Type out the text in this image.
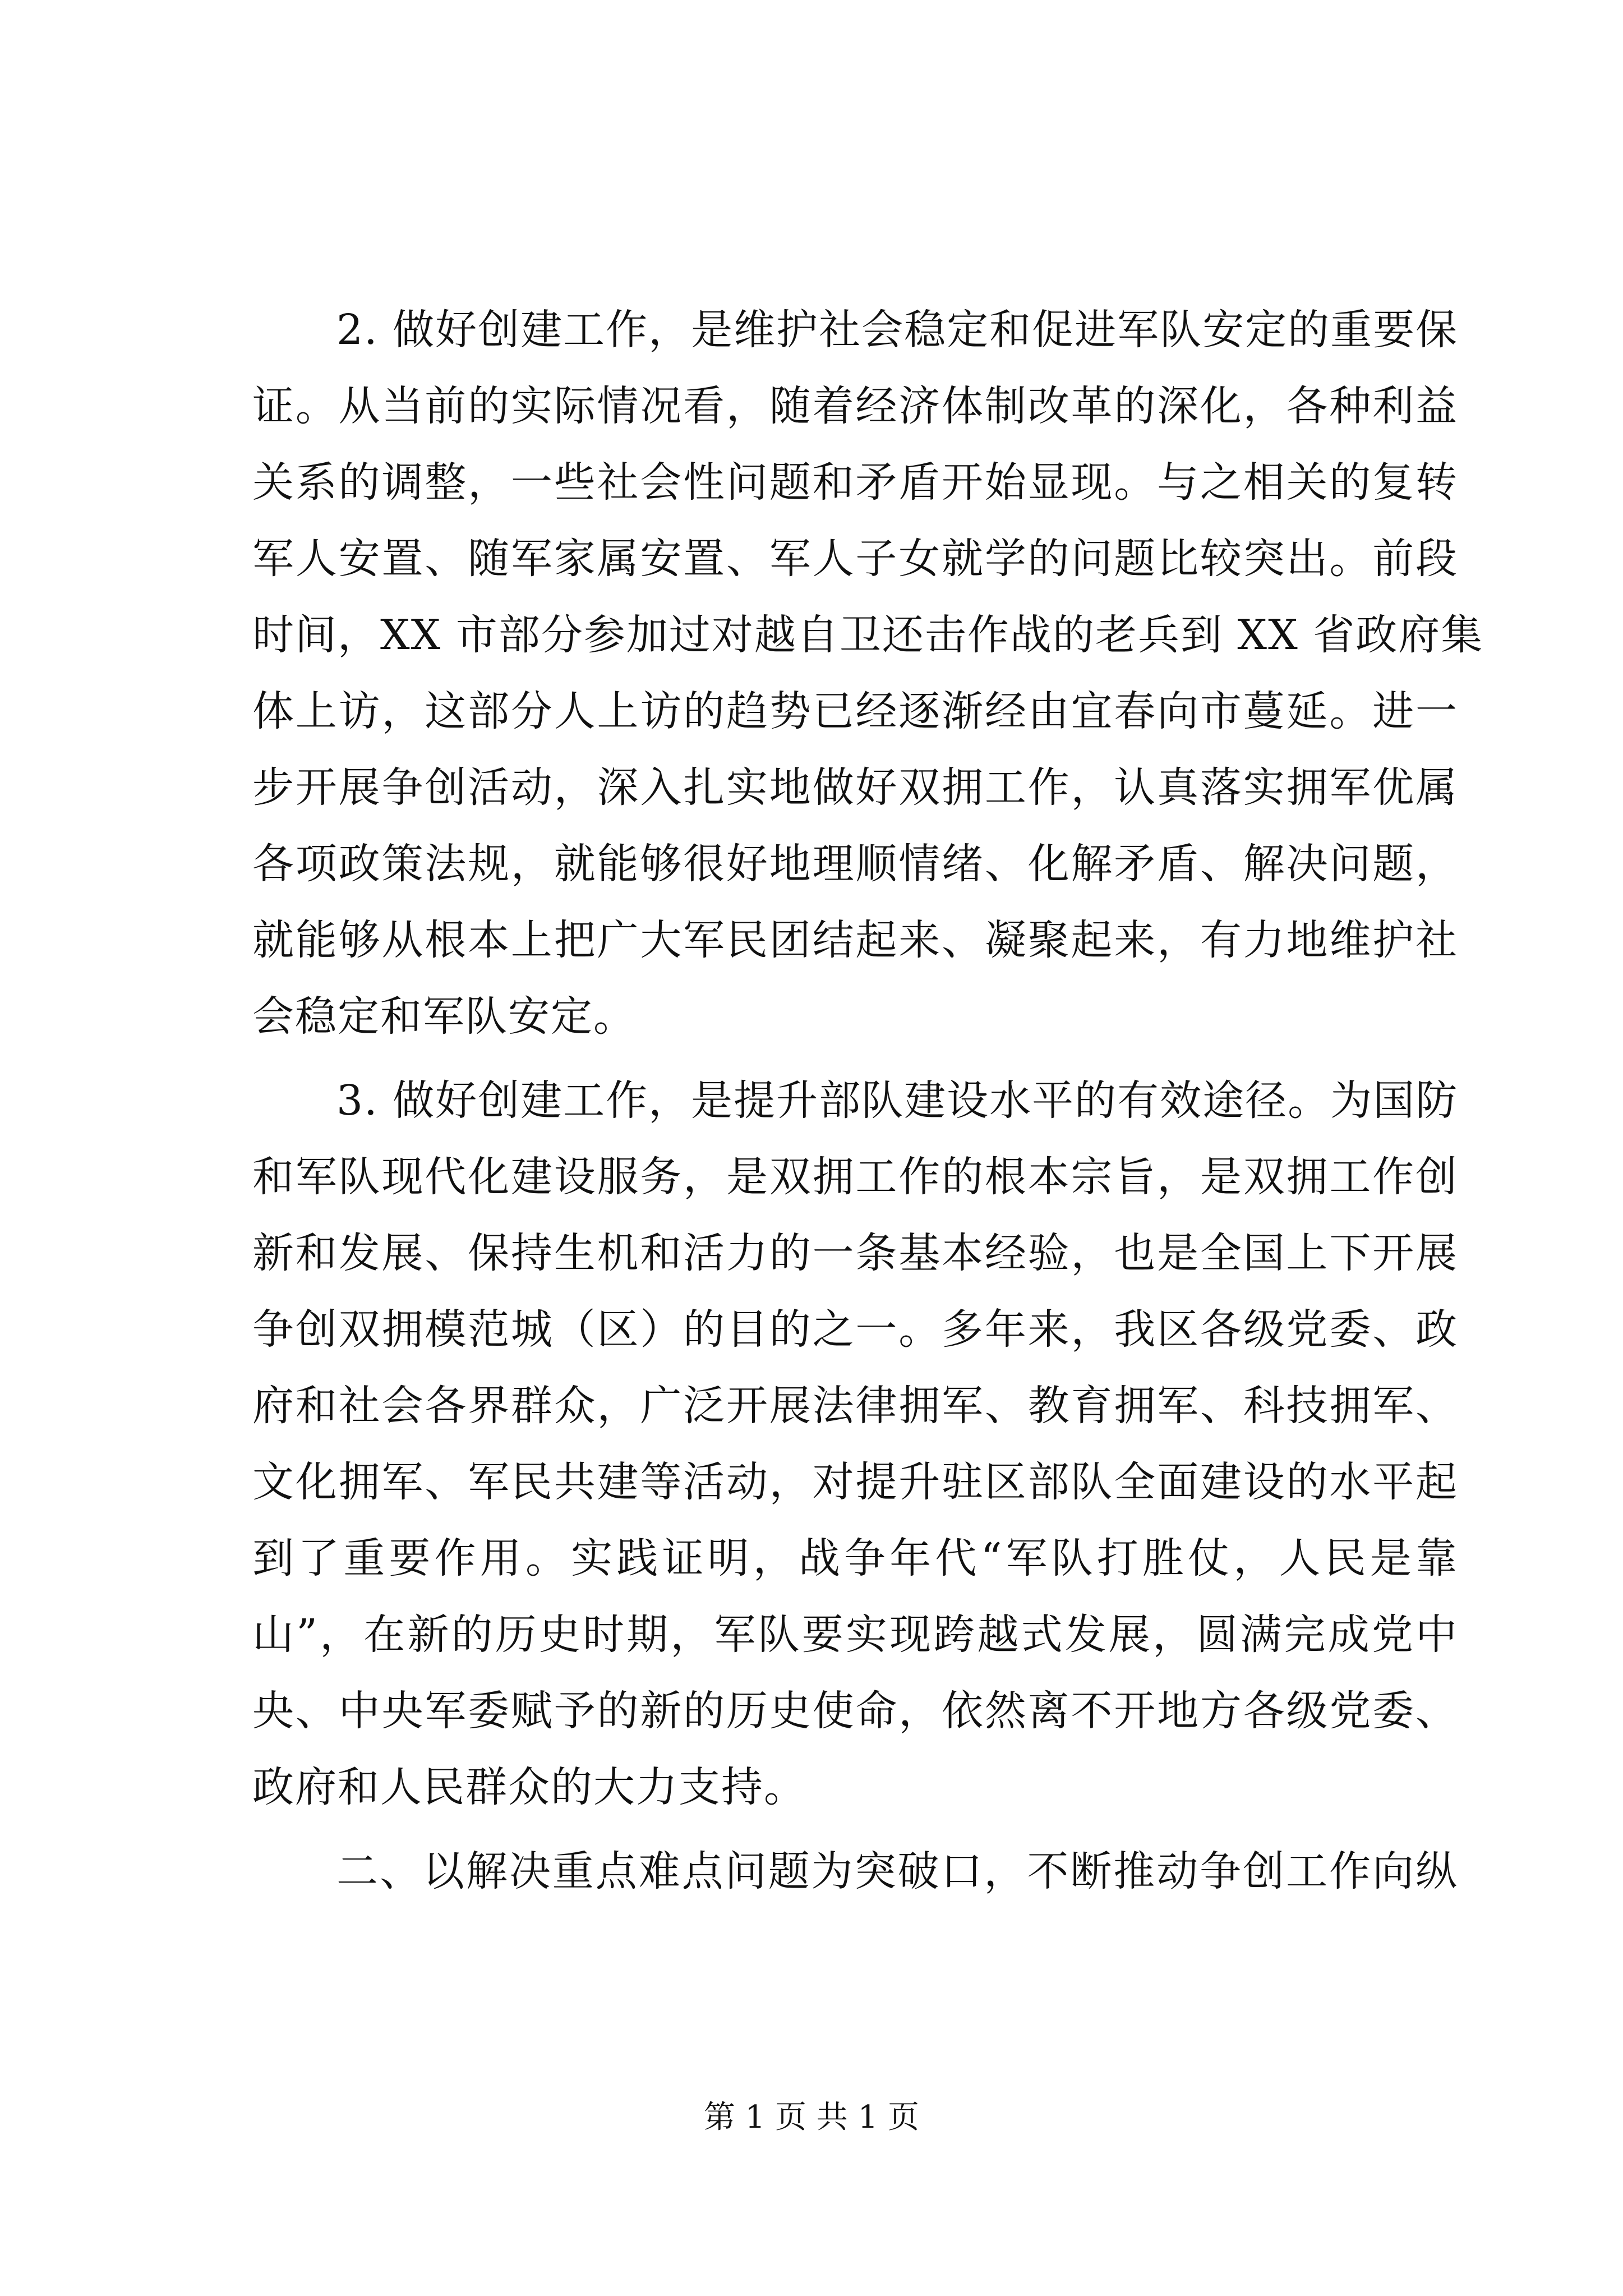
2. 做好创建工作，是维护社会稳定和促进军队安定的重要保
证。从当前的实际情况看，随着经济体制改革的深化，各种利益
关系的调整，一些社会性问题和矛盾开始显现。与之相关的复转
军人安置、随军家属安置、军人子女就学的问题比较突出。前段
时间，XX 市部分参加过对越自卫还击作战的老兵到 XX 省政府集
体上访，这部分人上访的趋势已经逐渐经由宜春向市蔓延。进一
步开展争创活动，深入扎实地做好双拥工作，认真落实拥军优属
各项政策法规，就能够很好地理顺情绪、化解矛盾、解决问题，
就能够从根本上把广大军民团结起来、凝聚起来，有力地维护社
会稳定和军队安定。
3. 做好创建工作，是提升部队建设水平的有效途径。为国防
和军队现代化建设服务，是双拥工作的根本宗旨，是双拥工作创
新和发展、保持生机和活力的一条基本经验，也是全国上下开展
争创双拥模范城（区）的目的之一。多年来，我区各级党委、政
府和社会各界群众，广泛开展法律拥军、教育拥军、科技拥军、
文化拥军、军民共建等活动，对提升驻区部队全面建设的水平起
到了重要作用。实践证明，战争年代“军队打胜仗，人民是靠
山”，在新的历史时期，军队要实现跨越式发展，圆满完成党中
央、中央军委赋予的新的历史使命，依然离不开地方各级党委、
政府和人民群众的大力支持。
二、以解决重点难点问题为突破口，不断推动争创工作向纵
第 1 页 共 1 页
